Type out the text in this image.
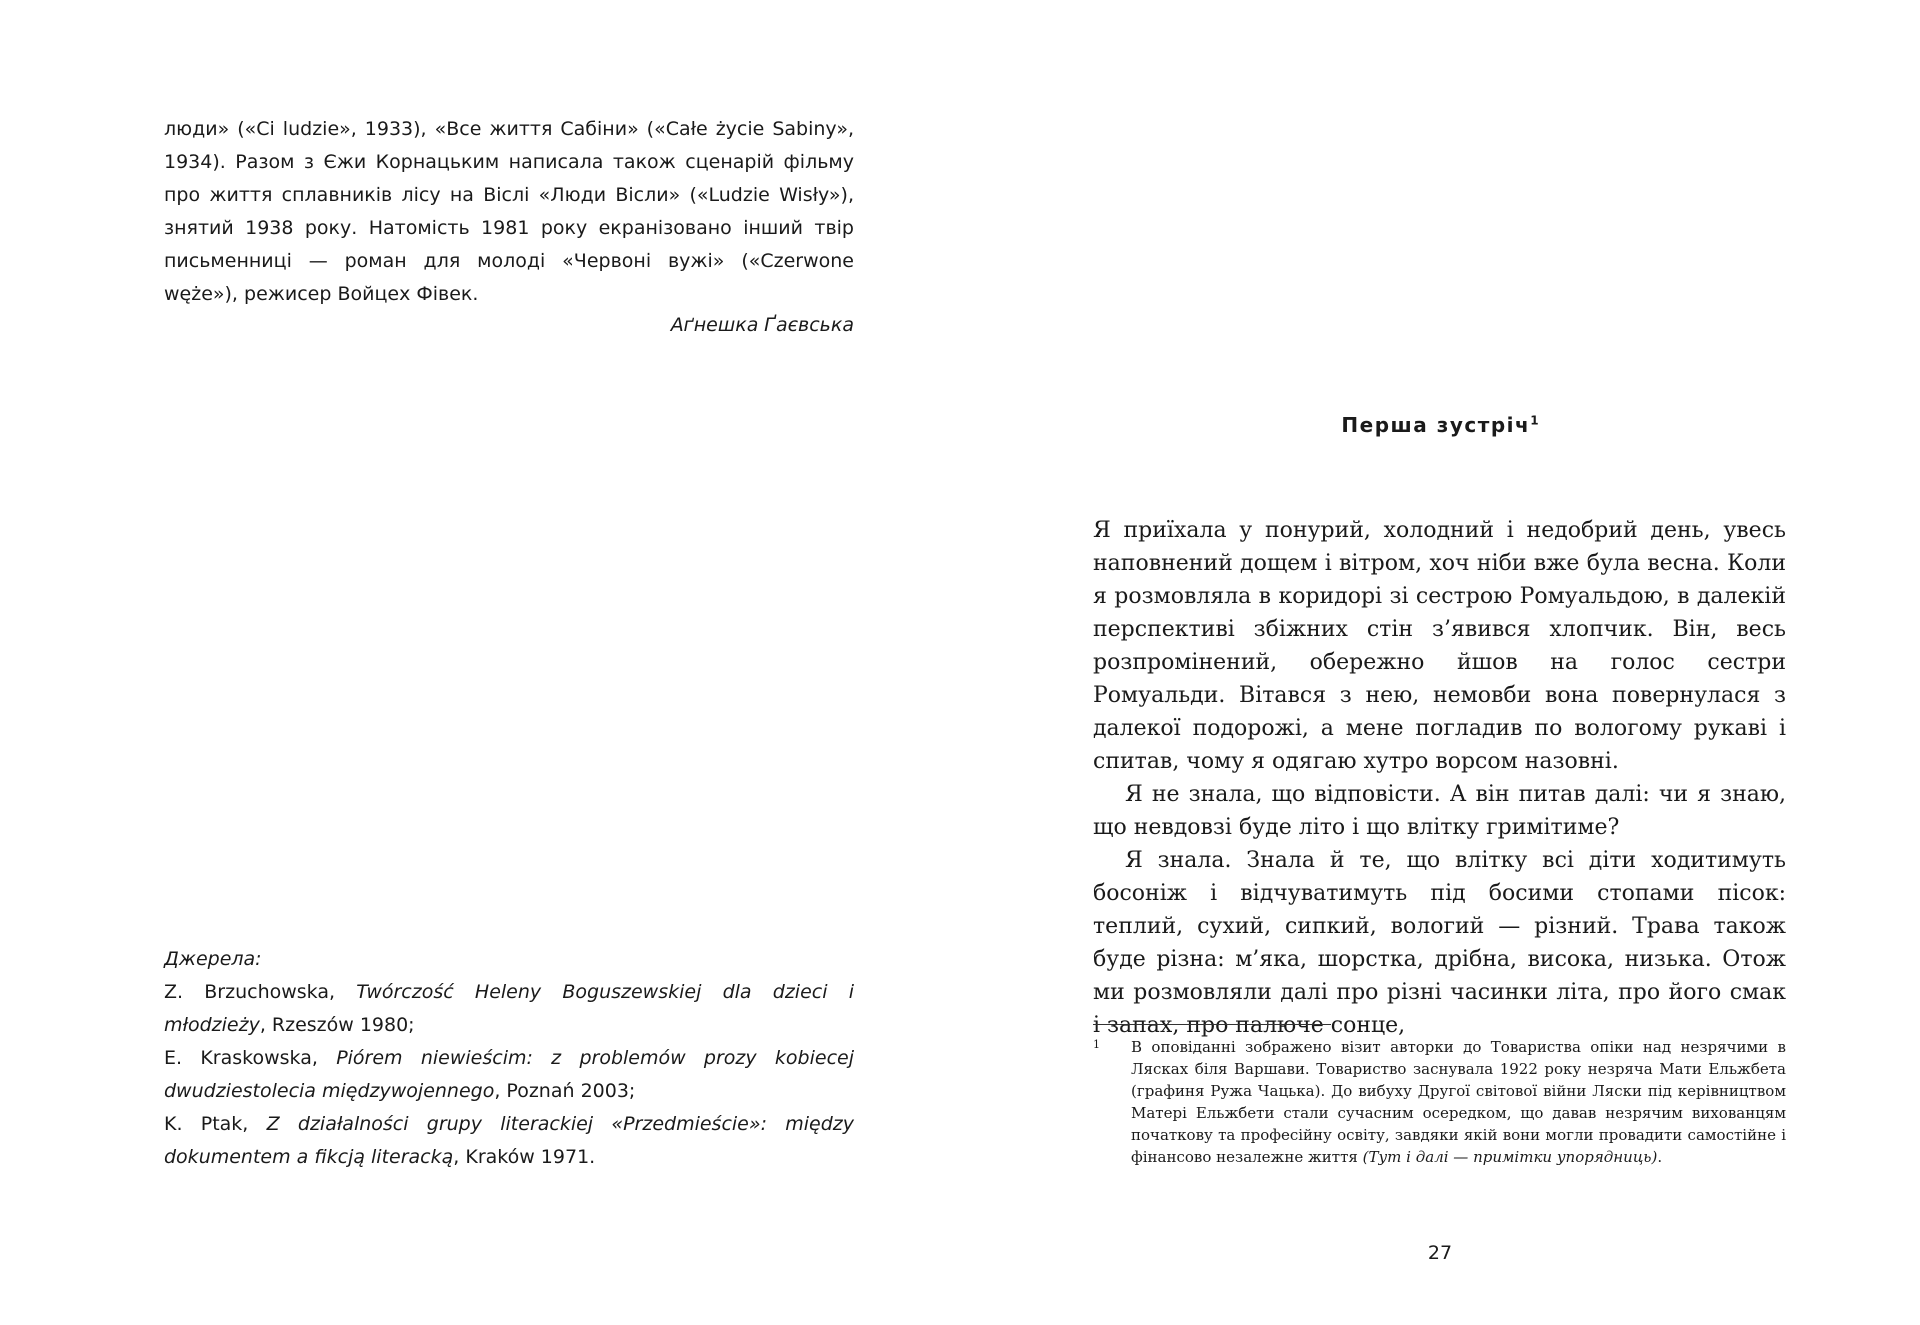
люди» («Ci ludzie», 1933), «Все життя Сабіни» («Całe życie Sabiny», 1934). Разом з Єжи Корнацьким написала також сценарій фільму про життя сплавників лісу на Віслі «Люди Вісли» («Ludzie Wisły»), знятий 1938 року. Натомість 1981 року екранізовано інший твір письменниці — роман для молоді «Червоні вужі» («Czerwone węże»), режисер Войцех Фівек.

Аґнешка Ґаєвська

Джерела:

Z. Brzuchowska, Twórczość Heleny Boguszewskiej dla dzieci i młodzieży, Rzeszów 1980;

E. Kraskowska, Piórem niewieścim: z problemów prozy kobiecej dwudziestolecia międzywojennego, Poznań 2003;

K. Ptak, Z działalności grupy literackiej «Przedmieście»: między dokumentem a fikcją literacką, Kraków 1971.

Перша зустріч$^1$

Я приїхала у понурий, холодний і недобрий день, увесь наповнений дощем і вітром, хоч ніби вже була весна. Коли я розмовляла в коридорі зі сестрою Ромуальдою, в далекій перспективі збіжних стін з’явився хлопчик. Він, весь розпромінений, обережно йшов на голос сестри Ромуальди. Вітався з нею, немовби вона повернулася з далекої подорожі, а мене погладив по вологому рукаві і спитав, чому я одягаю хутро ворсом назовні.

Я не знала, що відповісти. А він питав далі: чи я знаю, що невдовзі буде літо і що влітку гримітиме?

Я знала. Знала й те, що влітку всі діти ходитимуть босоніж і відчуватимуть під босими стопами пісок: теплий, сухий, сипкий, вологий — різний. Трава також буде різна: м’яка, шорстка, дрібна, висока, низька. Отож ми розмовляли далі про різні часинки літа, про його смак і запах, про палюче сонце,

1 В оповіданні зображено візит авторки до Товариства опіки над незрячими в Лясках біля Варшави. Товариство заснувала 1922 року незряча Мати Ельжбета (графиня Ружа Чацька). До вибуху Другої світової війни Ляски під керівництвом Матері Ельжбети стали сучасним осередком, що давав незрячим вихованцям початкову та професійну освіту, завдяки якій вони могли провадити самостійне і фінансово незалежне життя (Тут і далі — примітки упорядниць).
27
